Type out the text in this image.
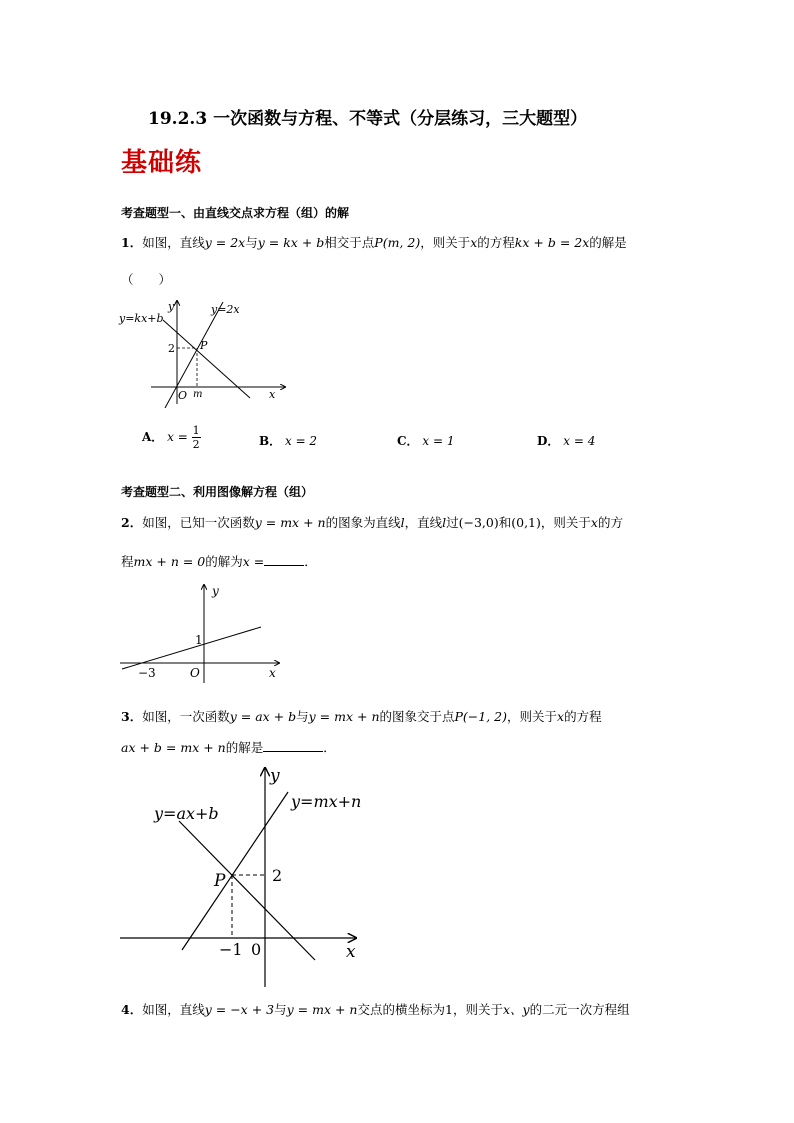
19.2.3 一次函数与方程、不等式（分层练习，三大题型）
基础练
考查题型一、由直线交点求方程（组）的解
1．如图，直线y = 2x与y = kx + b相交于点P(m, 2)，则关于x的方程kx + b = 2x的解是
（　　）
y=kx+b
y=2x
y
x
O
2
m
P
A． $x = \frac{1}{2}$	B． x = 2	C． x = 1	D． x = 4
考查题型二、利用图像解方程（组）
2．如图，已知一次函数y = mx + n的图象为直线l，直线l过(−3,0)和(0,1)，则关于x的方
程mx + n = 0的解为x =	．
y
x
O
1
−3
3．如图，一次函数y = ax + b与y = mx + n的图象交于点P(−1, 2)，则关于x的方程
ax + b = mx + n的解是	．
y=ax+b
y=mx+n
y
x
0
2
−1
P
4．如图，直线y = −x + 3与y = mx + n交点的横坐标为1，则关于x、y的二元一次方程组
